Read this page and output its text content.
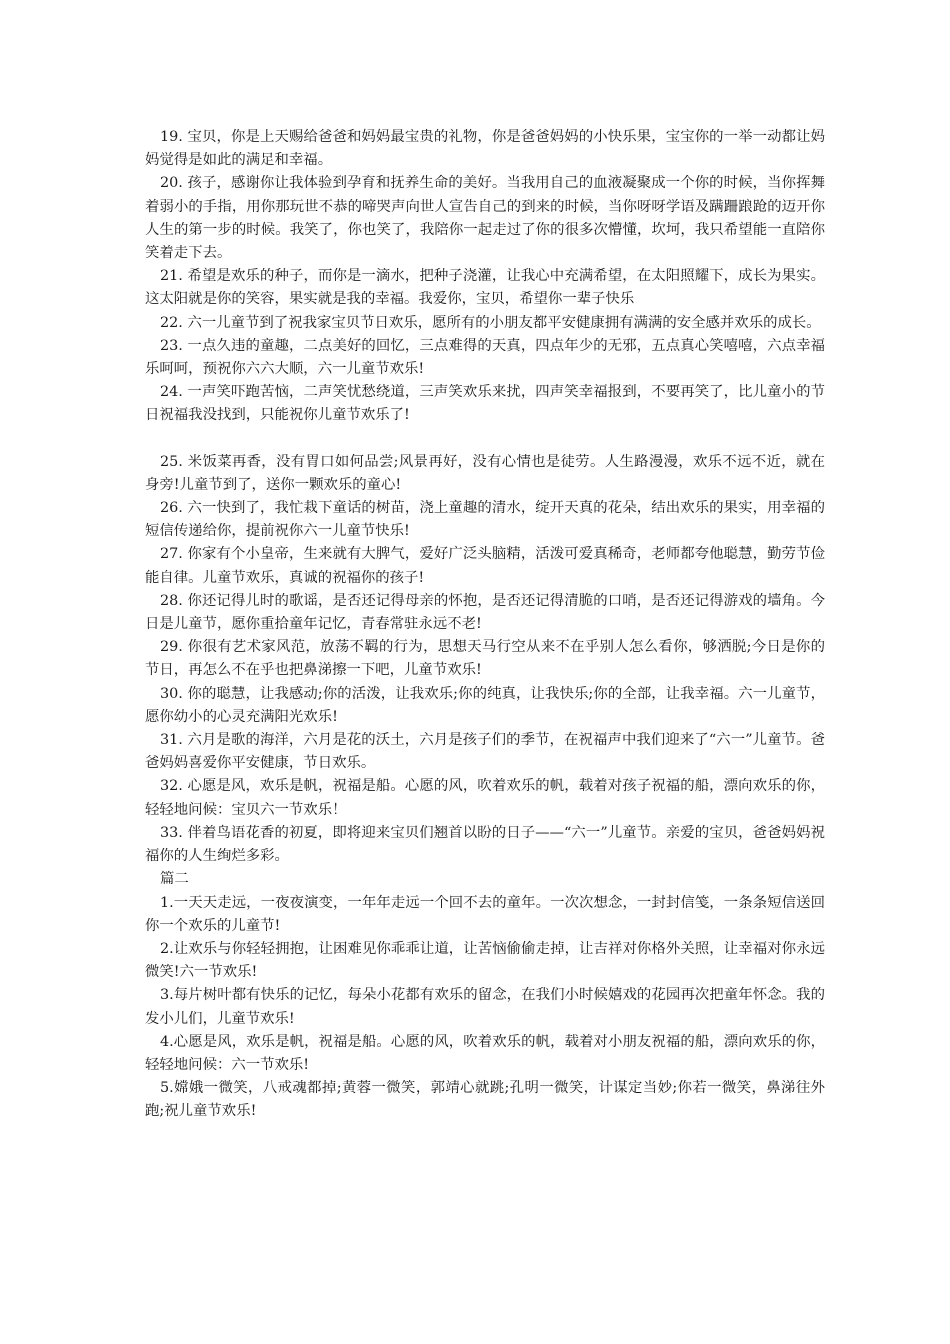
19. 宝贝，你是上天赐给爸爸和妈妈最宝贵的礼物，你是爸爸妈妈的小快乐果，宝宝你的一举一动都让妈妈觉得是如此的满足和幸福。

20. 孩子，感谢你让我体验到孕育和抚养生命的美好。当我用自己的血液凝聚成一个你的时候，当你挥舞着弱小的手指，用你那玩世不恭的啼哭声向世人宣告自己的到来的时候，当你呀呀学语及蹒跚踉跄的迈开你人生的第一步的时候。我笑了，你也笑了，我陪你一起走过了你的很多次懵懂，坎坷，我只希望能一直陪你笑着走下去。

21. 希望是欢乐的种子，而你是一滴水，把种子浇灌，让我心中充满希望，在太阳照耀下，成长为果实。这太阳就是你的笑容，果实就是我的幸福。我爱你，宝贝，希望你一辈子快乐

22. 六一儿童节到了祝我家宝贝节日欢乐，愿所有的小朋友都平安健康拥有满满的安全感并欢乐的成长。

23. 一点久违的童趣，二点美好的回忆，三点难得的天真，四点年少的无邪，五点真心笑嘻嘻，六点幸福乐呵呵，预祝你六六大顺，六一儿童节欢乐!

24. 一声笑吓跑苦恼，二声笑忧愁绕道，三声笑欢乐来扰，四声笑幸福报到，不要再笑了，比儿童小的节日祝福我没找到，只能祝你儿童节欢乐了!

25. 米饭菜再香，没有胃口如何品尝;风景再好，没有心情也是徒劳。人生路漫漫，欢乐不远不近，就在身旁!儿童节到了，送你一颗欢乐的童心!

26. 六一快到了，我忙栽下童话的树苗，浇上童趣的清水，绽开天真的花朵，结出欢乐的果实，用幸福的短信传递给你，提前祝你六一儿童节快乐!

27. 你家有个小皇帝，生来就有大脾气，爱好广泛头脑精，活泼可爱真稀奇，老师都夸他聪慧，勤劳节俭能自律。儿童节欢乐，真诚的祝福你的孩子!

28. 你还记得儿时的歌谣，是否还记得母亲的怀抱，是否还记得清脆的口哨，是否还记得游戏的墙角。今日是儿童节，愿你重拾童年记忆，青春常驻永远不老!

29. 你很有艺术家风范，放荡不羁的行为，思想天马行空从来不在乎别人怎么看你，够洒脱;今日是你的节日，再怎么不在乎也把鼻涕擦一下吧，儿童节欢乐!

30. 你的聪慧，让我感动;你的活泼，让我欢乐;你的纯真，让我快乐;你的全部，让我幸福。六一儿童节，愿你幼小的心灵充满阳光欢乐!

31. 六月是歌的海洋，六月是花的沃土，六月是孩子们的季节，在祝福声中我们迎来了“六一”儿童节。爸爸妈妈喜爱你平安健康，节日欢乐。

32. 心愿是风，欢乐是帆，祝福是船。心愿的风，吹着欢乐的帆，载着对孩子祝福的船，漂向欢乐的你，轻轻地问候：宝贝六一节欢乐！

33. 伴着鸟语花香的初夏，即将迎来宝贝们翘首以盼的日子——“六一”儿童节。亲爱的宝贝，爸爸妈妈祝福你的人生绚烂多彩。

篇二

1.一天天走远，一夜夜演变，一年年走远一个回不去的童年。一次次想念，一封封信笺，一条条短信送回你一个欢乐的儿童节!

2.让欢乐与你轻轻拥抱，让困难见你乖乖让道，让苦恼偷偷走掉，让吉祥对你格外关照，让幸福对你永远微笑!六一节欢乐!

3.每片树叶都有快乐的记忆，每朵小花都有欢乐的留念，在我们小时候嬉戏的花园再次把童年怀念。我的发小儿们，儿童节欢乐!

4.心愿是风，欢乐是帆，祝福是船。心愿的风，吹着欢乐的帆，载着对小朋友祝福的船，漂向欢乐的你，轻轻地问候：六一节欢乐!

5.嫦娥一微笑，八戒魂都掉;黄蓉一微笑，郭靖心就跳;孔明一微笑，计谋定当妙;你若一微笑，鼻涕往外跑;祝儿童节欢乐!
